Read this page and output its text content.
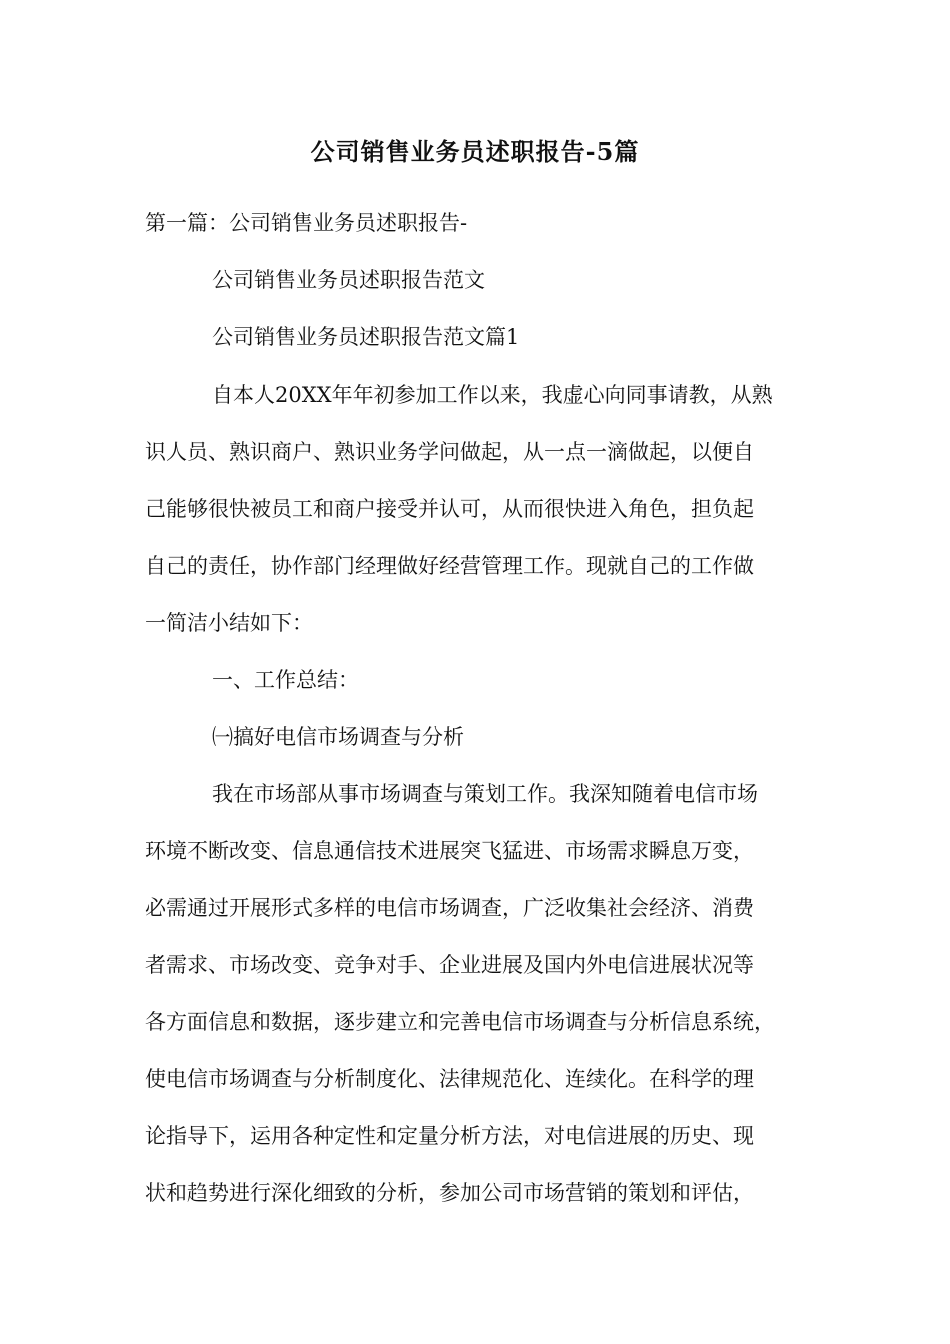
公司销售业务员述职报告-5篇

第一篇：公司销售业务员述职报告-

公司销售业务员述职报告范文

公司销售业务员述职报告范文篇1

自本人20XX年年初参加工作以来，我虚心向同事请教，从熟

识人员、熟识商户、熟识业务学问做起，从一点一滴做起，以便自

己能够很快被员工和商户接受并认可，从而很快进入角色，担负起

自己的责任，协作部门经理做好经营管理工作。现就自己的工作做

一简洁小结如下：

一、工作总结：

㈠搞好电信市场调查与分析

我在市场部从事市场调查与策划工作。我深知随着电信市场

环境不断改变、信息通信技术进展突飞猛进、市场需求瞬息万变，

必需通过开展形式多样的电信市场调查，广泛收集社会经济、消费

者需求、市场改变、竞争对手、企业进展及国内外电信进展状况等

各方面信息和数据，逐步建立和完善电信市场调查与分析信息系统，

使电信市场调查与分析制度化、法律规范化、连续化。在科学的理

论指导下，运用各种定性和定量分析方法，对电信进展的历史、现

状和趋势进行深化细致的分析，参加公司市场营销的策划和评估，
